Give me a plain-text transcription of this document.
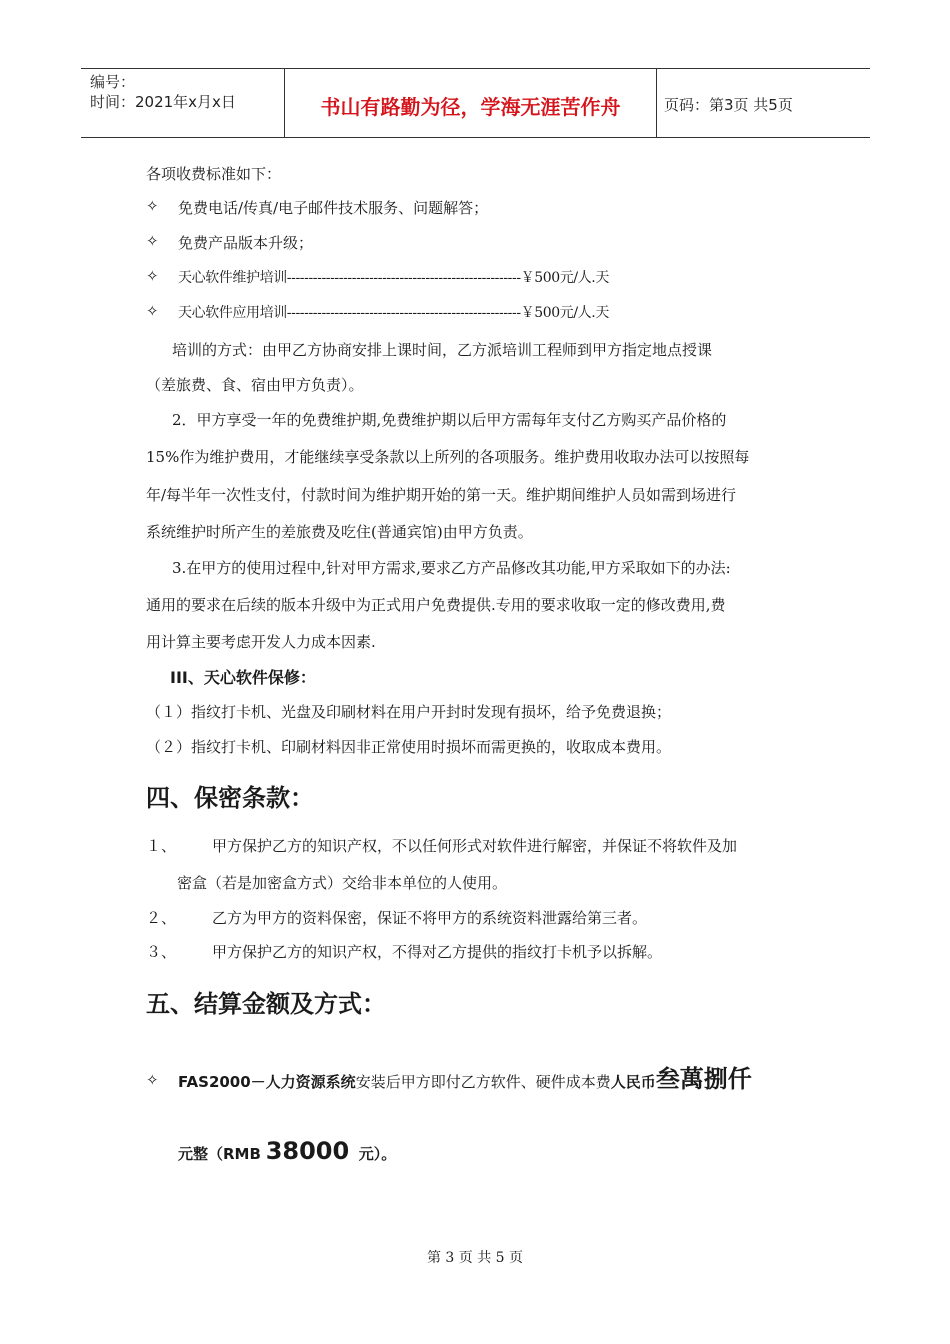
编号：
时间：2021年x月x日	书山有路勤为径，学海无涯苦作舟	页码：第3页 共5页
各项收费标准如下：
✧ 免费电话/传真/电子邮件技术服务、问题解答；
✧ 免费产品版本升级；
✧ 天心软件维护培训------------------------------------------------------￥500元/人.天
✧ 天心软件应用培训------------------------------------------------------￥500元/人.天
培训的方式：由甲乙方协商安排上课时间，乙方派培训工程师到甲方指定地点授课
（差旅费、食、宿由甲方负责）。
2．甲方享受一年的免费维护期,免费维护期以后甲方需每年支付乙方购买产品价格的
15%作为维护费用，才能继续享受条款以上所列的各项服务。维护费用收取办法可以按照每
年/每半年一次性支付，付款时间为维护期开始的第一天。维护期间维护人员如需到场进行
系统维护时所产生的差旅费及吃住(普通宾馆)由甲方负责。
3.在甲方的使用过程中,针对甲方需求,要求乙方产品修改其功能,甲方采取如下的办法:
通用的要求在后续的版本升级中为正式用户免费提供.专用的要求收取一定的修改费用,费
用计算主要考虑开发人力成本因素.
III、天心软件保修：
（１）指纹打卡机、光盘及印刷材料在用户开封时发现有损坏，给予免费退换；
（２）指纹打卡机、印刷材料因非正常使用时损坏而需更换的，收取成本费用。
四、保密条款：
１、 甲方保护乙方的知识产权，不以任何形式对软件进行解密，并保证不将软件及加
密盒（若是加密盒方式）交给非本单位的人使用。
２、 乙方为甲方的资料保密，保证不将甲方的系统资料泄露给第三者。
３、 甲方保护乙方的知识产权，不得对乙方提供的指纹打卡机予以拆解。
五、结算金额及方式：
✧ FAS2000－人力资源系统安装后甲方即付乙方软件、硬件成本费人民币叁萬捌仟
元整（RMB 38000 元）。
第 3 页 共 5 页
